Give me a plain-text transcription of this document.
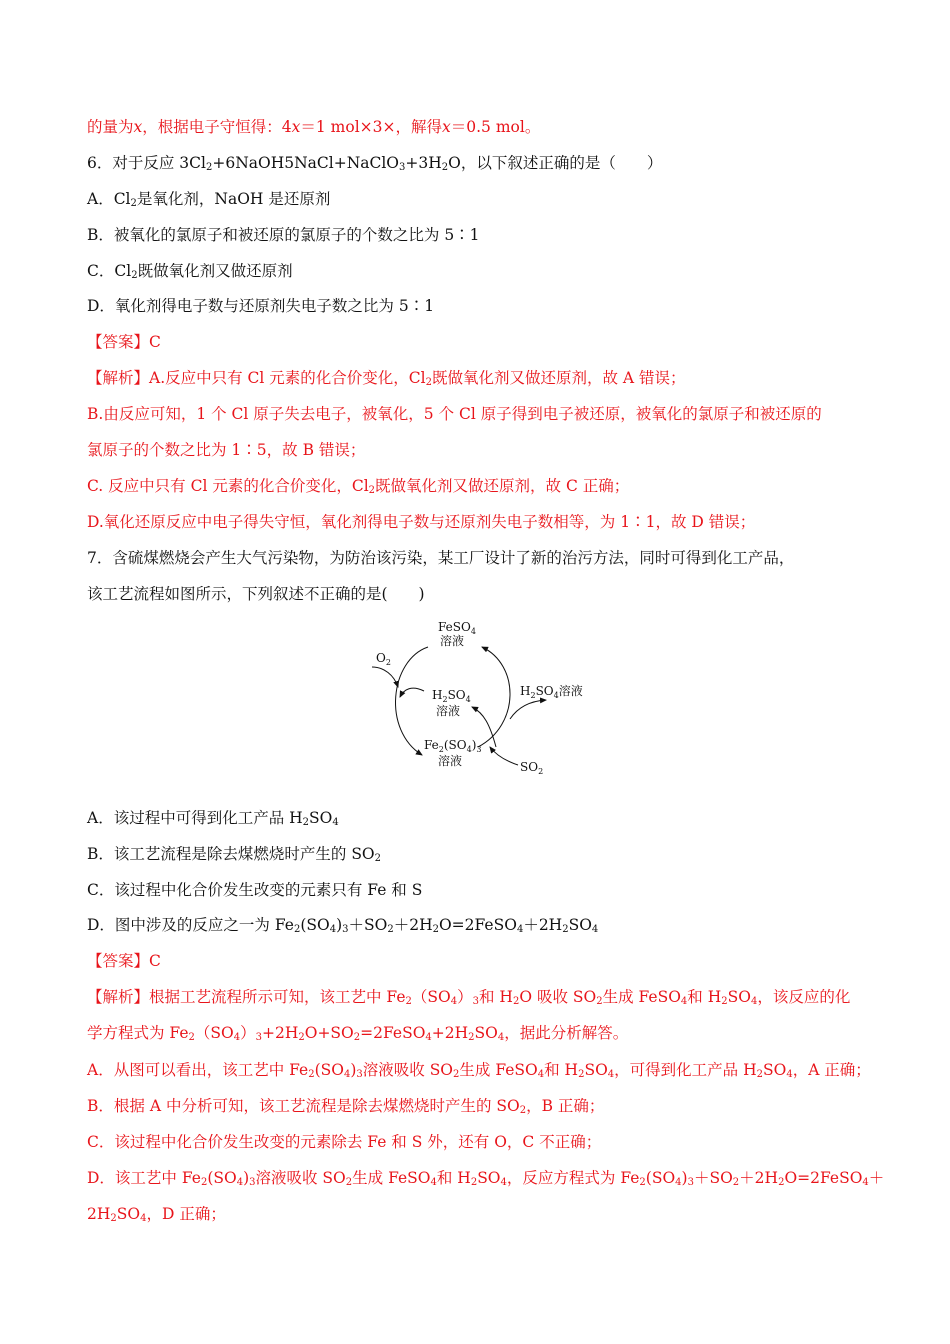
的量为x，根据电子守恒得：4x＝1 mol×3×，解得x＝0.5 mol。
6．对于反应 $3Cl_2+6NaOH5NaCl+NaClO_3+3H_2O$，以下叙述正确的是（　　）
A．$Cl_2$是氧化剂，NaOH 是还原剂
B．被氧化的氯原子和被还原的氯原子的个数之比为 5∶1
C．$Cl_2$既做氧化剂又做还原剂
D．氧化剂得电子数与还原剂失电子数之比为 5∶1
【答案】C
【解析】A.反应中只有 Cl 元素的化合价变化，$Cl_2$既做氧化剂又做还原剂，故 A 错误；
B.由反应可知，1 个 Cl 原子失去电子，被氧化，5 个 Cl 原子得到电子被还原，被氧化的氯原子和被还原的
氯原子的个数之比为 1∶5，故 B 错误；
C. 反应中只有 Cl 元素的化合价变化，$Cl_2$既做氧化剂又做还原剂，故 C 正确；
D.氧化还原反应中电子得失守恒，氧化剂得电子数与还原剂失电子数相等，为 1∶1，故 D 错误；
7．含硫煤燃烧会产生大气污染物，为防治该污染，某工厂设计了新的治污方法，同时可得到化工产品，
该工艺流程如图所示，下列叙述不正确的是(　　)
FeSO$_4$
溶液
$O_2$
$H_2SO_4$
溶液
$H_2SO_4$溶液
$Fe_2(SO_4)_3$
溶液	$SO_2$
A．该过程中可得到化工产品 $H_2SO_4$
B．该工艺流程是除去煤燃烧时产生的 $SO_2$
C．该过程中化合价发生改变的元素只有 Fe 和 S
D．图中涉及的反应之一为 $Fe_2(SO_4)_3+SO_2+2H_2O=2FeSO_4+2H_2SO_4$
【答案】C
【解析】根据工艺流程所示可知，该工艺中 $Fe_2(SO_4)_3$和 $H_2O$ 吸收 $SO_2$生成 FeSO$_4$和 $H_2SO_4$，该反应的化
学方程式为 $Fe_2(SO_4)_3+2H_2O+SO_2=2FeSO_4+2H_2SO_4$，据此分析解答。
A．从图可以看出，该工艺中 $Fe_2(SO_4)_3$溶液吸收 $SO_2$生成 FeSO$_4$和 $H_2SO_4$，可得到化工产品 $H_2SO_4$，A 正确；
B．根据 A 中分析可知，该工艺流程是除去煤燃烧时产生的 $SO_2$，B 正确；
C．该过程中化合价发生改变的元素除去 Fe 和 S 外，还有 O，C 不正确；
D．该工艺中 $Fe_2(SO_4)_3$溶液吸收 $SO_2$生成 FeSO$_4$和 $H_2SO_4$，反应方程式为 $Fe_2(SO_4)_3+SO_2+2H_2O=2FeSO_4+$
$2H_2SO_4$，D 正确；
